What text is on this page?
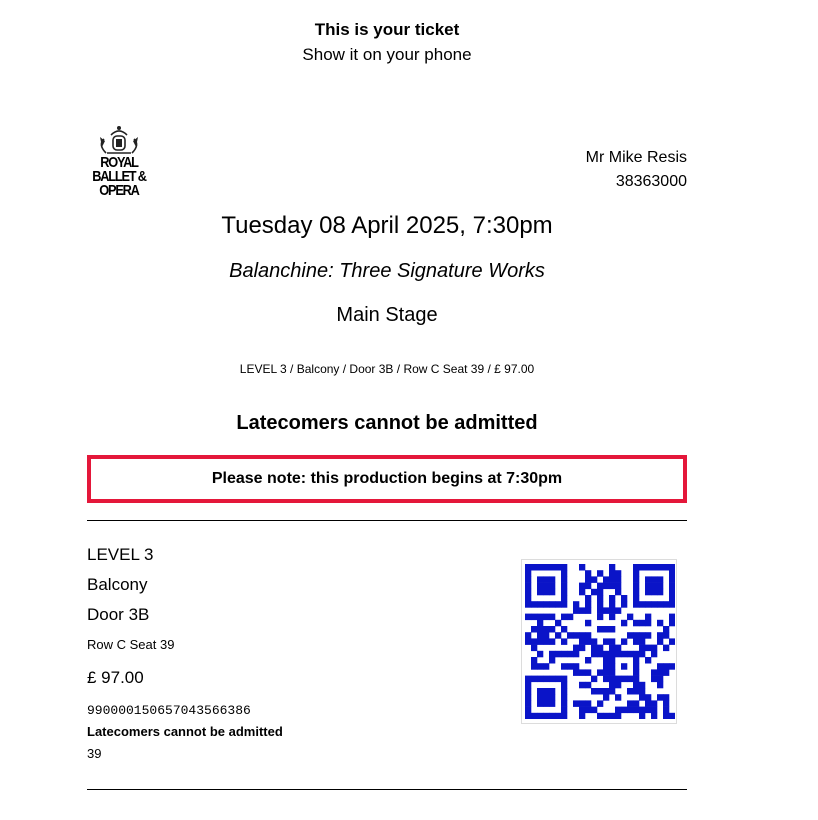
This is your ticket
Show it on your phone
ROYAL
BALLET &
OPERA
Mr Mike Resis
38363000
Tuesday 08 April 2025, 7:30pm
Balanchine: Three Signature Works
Main Stage
LEVEL 3 / Balcony / Door 3B / Row C Seat 39 / £ 97.00
Latecomers cannot be admitted
Please note: this production begins at 7:30pm
LEVEL 3
Balcony
Door 3B
Row C Seat 39
£ 97.00
990000150657043566386
Latecomers cannot be admitted
39
